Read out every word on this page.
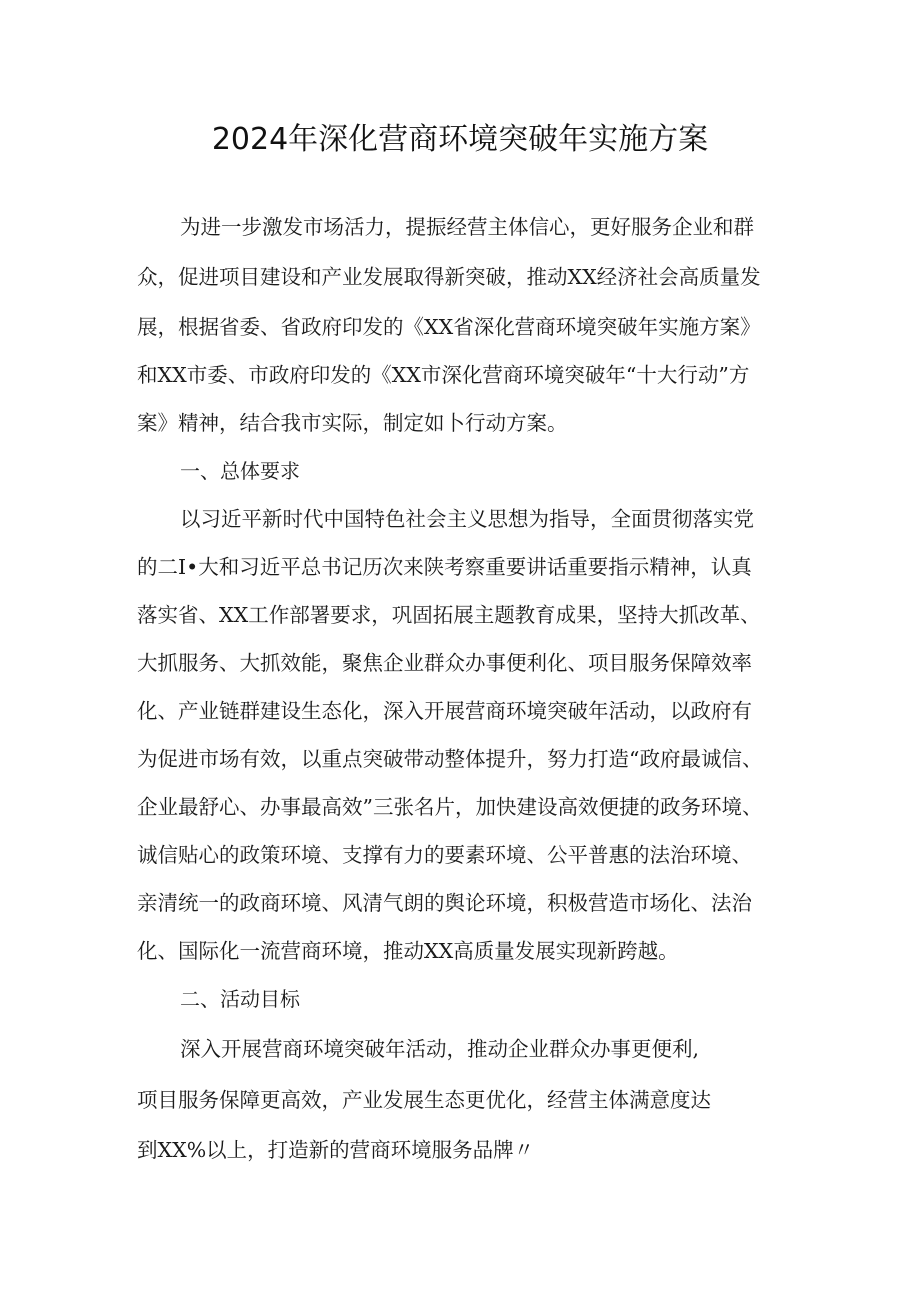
2024年深化营商环境突破年实施方案
为进一步激发市场活力，提振经营主体信心，更好服务企业和群
众，促进项目建设和产业发展取得新突破，推动XX经济社会高质量发
展，根据省委、省政府印发的《XX省深化营商环境突破年实施方案》
和XX市委、市政府印发的《XX市深化营商环境突破年“十大行动”方
案》精神，结合我市实际，制定如卜行动方案。
一、总体要求
以习近平新时代中国特色社会主义思想为指导，全面贯彻落实党
的二I•大和习近平总书记历次来陕考察重要讲话重要指示精神，认真
落实省、XX工作部署要求，巩固拓展主题教育成果，坚持大抓改革、
大抓服务、大抓效能，聚焦企业群众办事便利化、项目服务保障效率
化、产业链群建设生态化，深入开展营商环境突破年活动，以政府有
为促进市场有效，以重点突破带动整体提升，努力打造“政府最诚信、
企业最舒心、办事最高效”三张名片，加快建设高效便捷的政务环境、
诚信贴心的政策环境、支撑有力的要素环境、公平普惠的法治环境、
亲清统一的政商环境、风清气朗的舆论环境，积极营造市场化、法治
化、国际化一流营商环境，推动XX高质量发展实现新跨越。
二、活动目标
深入开展营商环境突破年活动，推动企业群众办事更便利,
项目服务保障更高效，产业发展生态更优化，经营主体满意度达
到XX%以上，打造新的营商环境服务品牌〃
